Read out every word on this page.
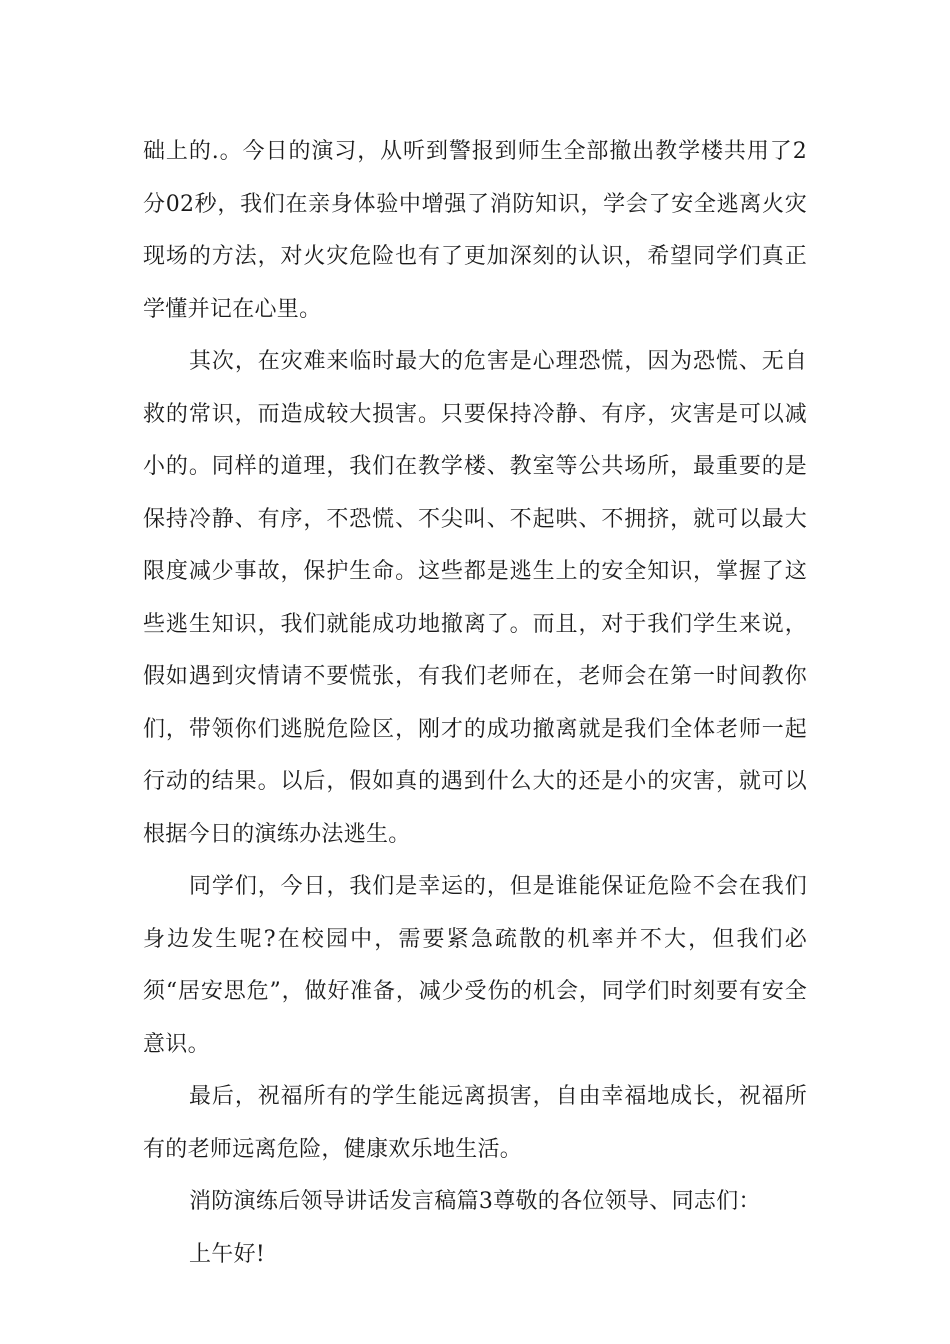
础上的.。今日的演习，从听到警报到师生全部撤出教学楼共用了2分02秒，我们在亲身体验中增强了消防知识，学会了安全逃离火灾现场的方法，对火灾危险也有了更加深刻的认识，希望同学们真正学懂并记在心里。

其次，在灾难来临时最大的危害是心理恐慌，因为恐慌、无自救的常识，而造成较大损害。只要保持冷静、有序，灾害是可以减小的。同样的道理，我们在教学楼、教室等公共场所，最重要的是保持冷静、有序，不恐慌、不尖叫、不起哄、不拥挤，就可以最大限度减少事故，保护生命。这些都是逃生上的安全知识，掌握了这些逃生知识，我们就能成功地撤离了。而且，对于我们学生来说，假如遇到灾情请不要慌张，有我们老师在，老师会在第一时间教你们，带领你们逃脱危险区，刚才的成功撤离就是我们全体老师一起行动的结果。以后，假如真的遇到什么大的还是小的灾害，就可以根据今日的演练办法逃生。

同学们，今日，我们是幸运的，但是谁能保证危险不会在我们身边发生呢?在校园中，需要紧急疏散的机率并不大，但我们必须“居安思危”，做好准备，减少受伤的机会，同学们时刻要有安全意识。

最后，祝福所有的学生能远离损害，自由幸福地成长，祝福所有的老师远离危险，健康欢乐地生活。

消防演练后领导讲话发言稿篇3尊敬的各位领导、同志们：

上午好!
